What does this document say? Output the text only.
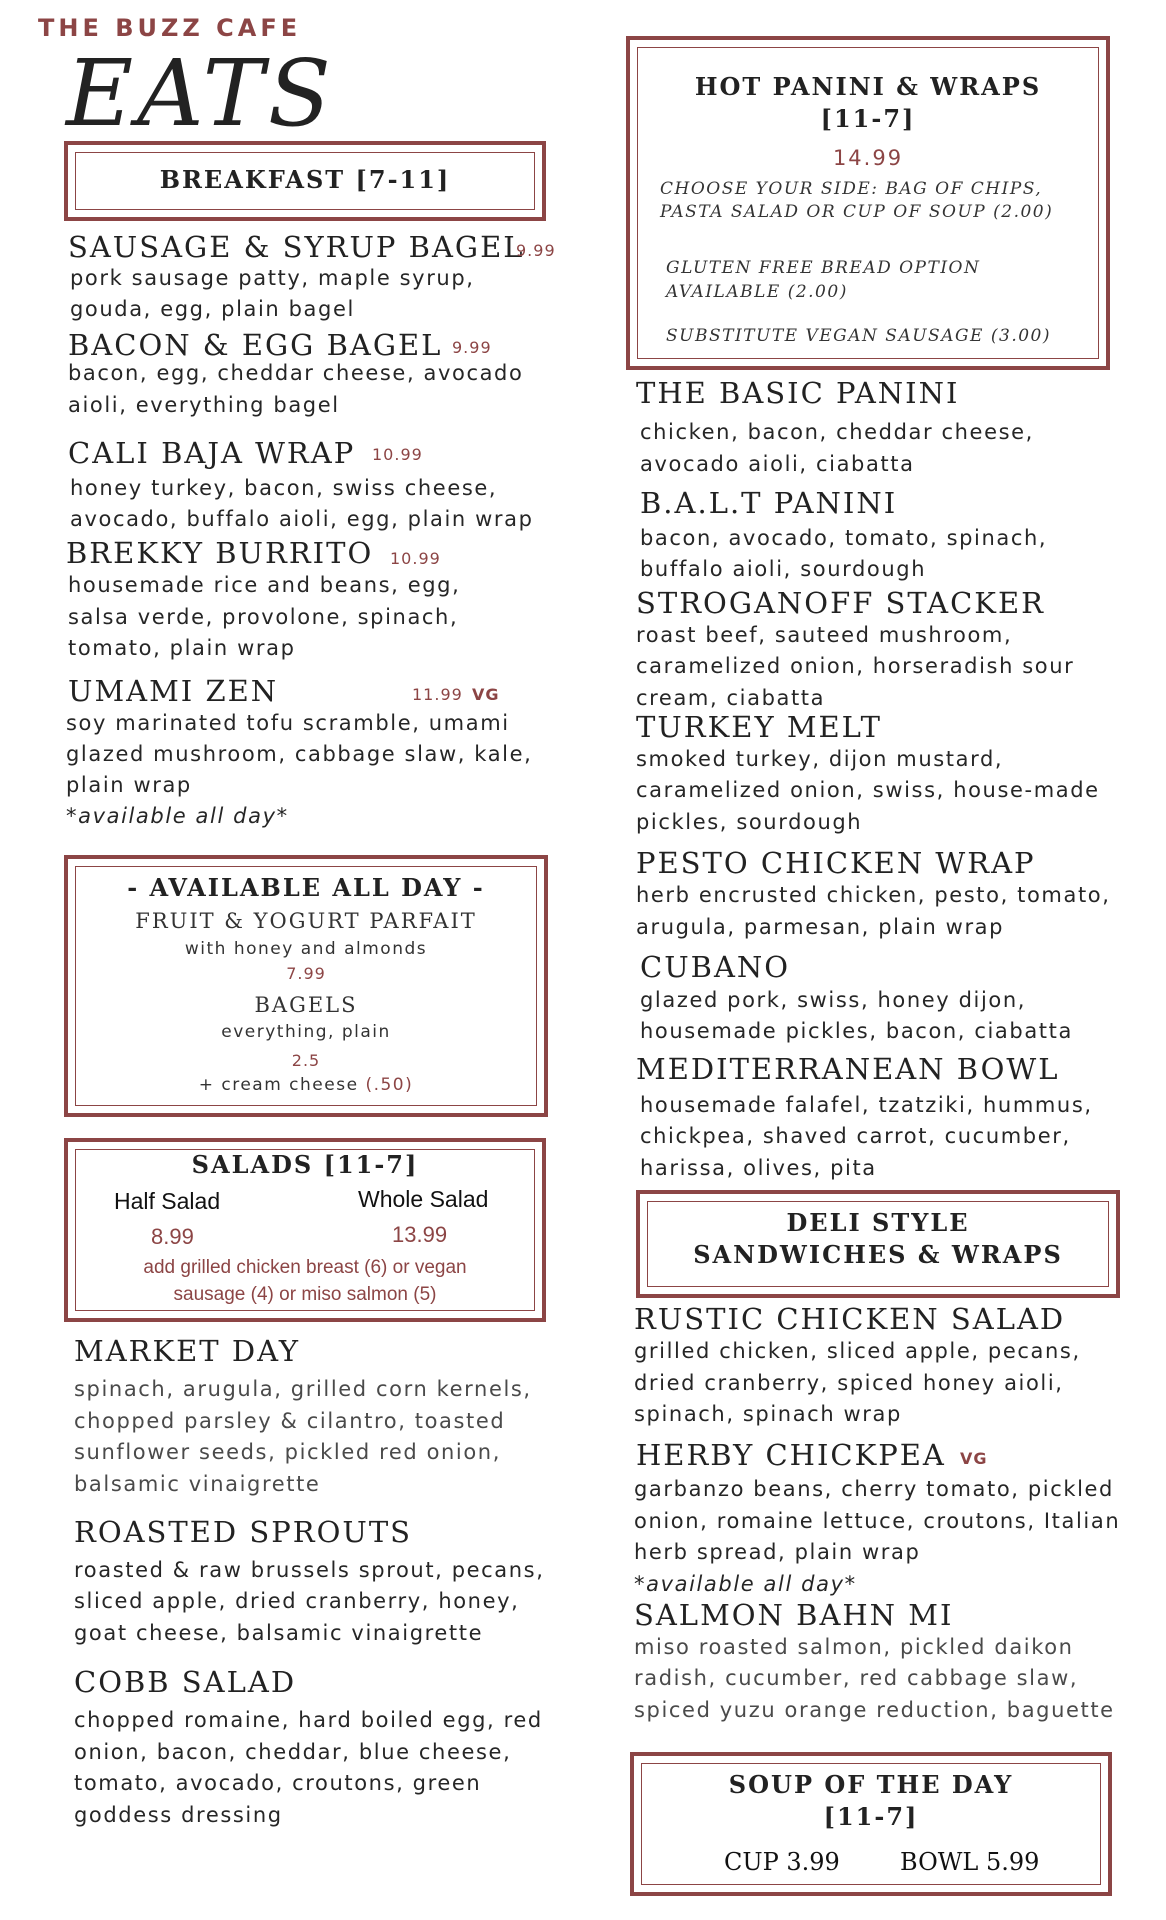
THE BUZZ CAFE
EATS
BREAKFAST [7-11]
SAUSAGE & SYRUP BAGEL
9.99
pork sausage patty, maple syrup,
gouda, egg, plain bagel
BACON & EGG BAGEL 9.99
bacon, egg, cheddar cheese, avocado
aioli, everything bagel
CALI BAJA WRAP 10.99
honey turkey, bacon, swiss cheese,
avocado, buffalo aioli, egg, plain wrap
BREKKY BURRITO 10.99
housemade rice and beans, egg,
salsa verde, provolone, spinach,
tomato, plain wrap
UMAMI ZEN	11.99 VG
soy marinated tofu scramble, umami
glazed mushroom, cabbage slaw, kale,
plain wrap
*available all day*
- AVAILABLE ALL DAY -
FRUIT & YOGURT PARFAIT
with honey and almonds
7.99
BAGELS
everything, plain
2.5
+ cream cheese (.50)
SALADS [11-7]
Half Salad	Whole Salad
8.99	13.99
add grilled chicken breast (6) or vegan
sausage (4) or miso salmon (5)
MARKET DAY
spinach, arugula, grilled corn kernels,
chopped parsley & cilantro, toasted
sunflower seeds, pickled red onion,
balsamic vinaigrette
ROASTED SPROUTS
roasted & raw brussels sprout, pecans,
sliced apple, dried cranberry, honey,
goat cheese, balsamic vinaigrette
COBB SALAD
chopped romaine, hard boiled egg, red
onion, bacon, cheddar, blue cheese,
tomato, avocado, croutons, green
goddess dressing
HOT PANINI & WRAPS
[11-7]
14.99
CHOOSE YOUR SIDE: BAG OF CHIPS,
PASTA SALAD OR CUP OF SOUP (2.00)
GLUTEN FREE BREAD OPTION
AVAILABLE (2.00)
SUBSTITUTE VEGAN SAUSAGE (3.00)
THE BASIC PANINI
chicken, bacon, cheddar cheese,
avocado aioli, ciabatta
B.A.L.T PANINI
bacon, avocado, tomato, spinach,
buffalo aioli, sourdough
STROGANOFF STACKER
roast beef, sauteed mushroom,
caramelized onion, horseradish sour
cream, ciabatta
TURKEY MELT
smoked turkey, dijon mustard,
caramelized onion, swiss, house-made
pickles, sourdough
PESTO CHICKEN WRAP
herb encrusted chicken, pesto, tomato,
arugula, parmesan, plain wrap
CUBANO
glazed pork, swiss, honey dijon,
housemade pickles, bacon, ciabatta
MEDITERRANEAN BOWL
housemade falafel, tzatziki, hummus,
chickpea, shaved carrot, cucumber,
harissa, olives, pita
DELI STYLE
SANDWICHES & WRAPS
RUSTIC CHICKEN SALAD
grilled chicken, sliced apple, pecans,
dried cranberry, spiced honey aioli,
spinach, spinach wrap
HERBY CHICKPEA VG
garbanzo beans, cherry tomato, pickled
onion, romaine lettuce, croutons, Italian
herb spread, plain wrap
*available all day*
SALMON BAHN MI
miso roasted salmon, pickled daikon
radish, cucumber, red cabbage slaw,
spiced yuzu orange reduction, baguette
SOUP OF THE DAY
[11-7]
CUP 3.99	BOWL 5.99
